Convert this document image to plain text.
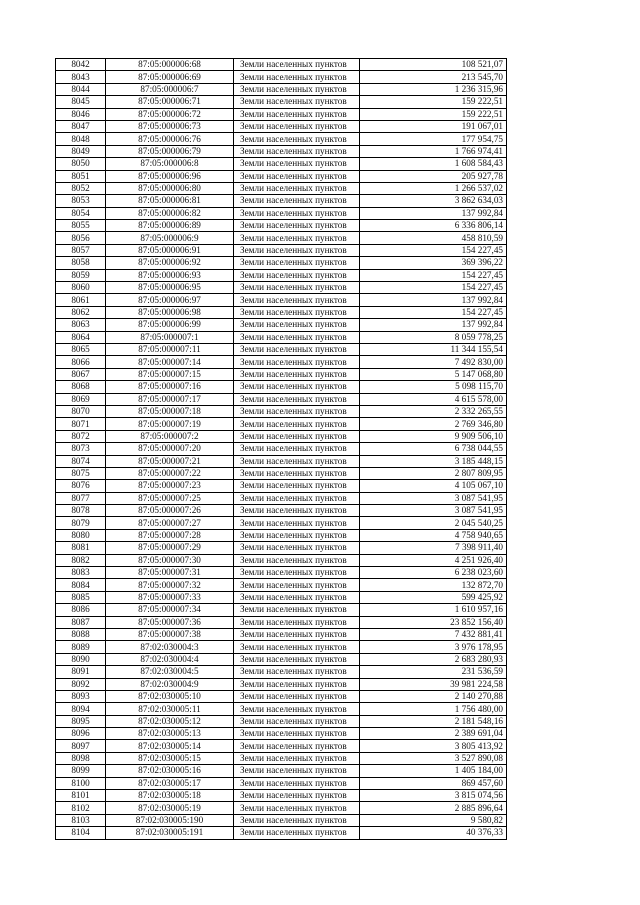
8042	87:05:000006:68	Земли населенных пунктов	108 521,07
8043	87:05:000006:69	Земли населенных пунктов	213 545,70
8044	87:05:000006:7	Земли населенных пунктов	1 236 315,96
8045	87:05:000006:71	Земли населенных пунктов	159 222,51
8046	87:05:000006:72	Земли населенных пунктов	159 222,51
8047	87:05:000006:73	Земли населенных пунктов	191 067,01
8048	87:05:000006:76	Земли населенных пунктов	177 954,75
8049	87:05:000006:79	Земли населенных пунктов	1 766 974,41
8050	87:05:000006:8	Земли населенных пунктов	1 608 584,43
8051	87:05:000006:96	Земли населенных пунктов	205 927,78
8052	87:05:000006:80	Земли населенных пунктов	1 266 537,02
8053	87:05:000006:81	Земли населенных пунктов	3 862 634,03
8054	87:05:000006:82	Земли населенных пунктов	137 992,84
8055	87:05:000006:89	Земли населенных пунктов	6 336 806,14
8056	87:05:000006:9	Земли населенных пунктов	458 810,59
8057	87:05:000006:91	Земли населенных пунктов	154 227,45
8058	87:05:000006:92	Земли населенных пунктов	369 396,22
8059	87:05:000006:93	Земли населенных пунктов	154 227,45
8060	87:05:000006:95	Земли населенных пунктов	154 227,45
8061	87:05:000006:97	Земли населенных пунктов	137 992,84
8062	87:05:000006:98	Земли населенных пунктов	154 227,45
8063	87:05:000006:99	Земли населенных пунктов	137 992,84
8064	87:05:000007:1	Земли населенных пунктов	8 059 778,25
8065	87:05:000007:11	Земли населенных пунктов	11 344 155,54
8066	87:05:000007:14	Земли населенных пунктов	7 492 830,00
8067	87:05:000007:15	Земли населенных пунктов	5 147 068,80
8068	87:05:000007:16	Земли населенных пунктов	5 098 115,70
8069	87:05:000007:17	Земли населенных пунктов	4 615 578,00
8070	87:05:000007:18	Земли населенных пунктов	2 332 265,55
8071	87:05:000007:19	Земли населенных пунктов	2 769 346,80
8072	87:05:000007:2	Земли населенных пунктов	9 909 506,10
8073	87:05:000007:20	Земли населенных пунктов	6 738 044,55
8074	87:05:000007:21	Земли населенных пунктов	3 185 448,15
8075	87:05:000007:22	Земли населенных пунктов	2 807 809,95
8076	87:05:000007:23	Земли населенных пунктов	4 105 067,10
8077	87:05:000007:25	Земли населенных пунктов	3 087 541,95
8078	87:05:000007:26	Земли населенных пунктов	3 087 541,95
8079	87:05:000007:27	Земли населенных пунктов	2 045 540,25
8080	87:05:000007:28	Земли населенных пунктов	4 758 940,65
8081	87:05:000007:29	Земли населенных пунктов	7 398 911,40
8082	87:05:000007:30	Земли населенных пунктов	4 251 926,40
8083	87:05:000007:31	Земли населенных пунктов	6 238 023,60
8084	87:05:000007:32	Земли населенных пунктов	132 872,70
8085	87:05:000007:33	Земли населенных пунктов	599 425,92
8086	87:05:000007:34	Земли населенных пунктов	1 610 957,16
8087	87:05:000007:36	Земли населенных пунктов	23 852 156,40
8088	87:05:000007:38	Земли населенных пунктов	7 432 881,41
8089	87:02:030004:3	Земли населенных пунктов	3 976 178,95
8090	87:02:030004:4	Земли населенных пунктов	2 683 280,93
8091	87:02:030004:5	Земли населенных пунктов	231 536,59
8092	87:02:030004:9	Земли населенных пунктов	39 981 224,58
8093	87:02:030005:10	Земли населенных пунктов	2 140 270,88
8094	87:02:030005:11	Земли населенных пунктов	1 756 480,00
8095	87:02:030005:12	Земли населенных пунктов	2 181 548,16
8096	87:02:030005:13	Земли населенных пунктов	2 389 691,04
8097	87:02:030005:14	Земли населенных пунктов	3 805 413,92
8098	87:02:030005:15	Земли населенных пунктов	3 527 890,08
8099	87:02:030005:16	Земли населенных пунктов	1 405 184,00
8100	87:02:030005:17	Земли населенных пунктов	869 457,60
8101	87:02:030005:18	Земли населенных пунктов	3 815 074,56
8102	87:02:030005:19	Земли населенных пунктов	2 885 896,64
8103	87:02:030005:190	Земли населенных пунктов	9 580,82
8104	87:02:030005:191	Земли населенных пунктов	40 376,33
